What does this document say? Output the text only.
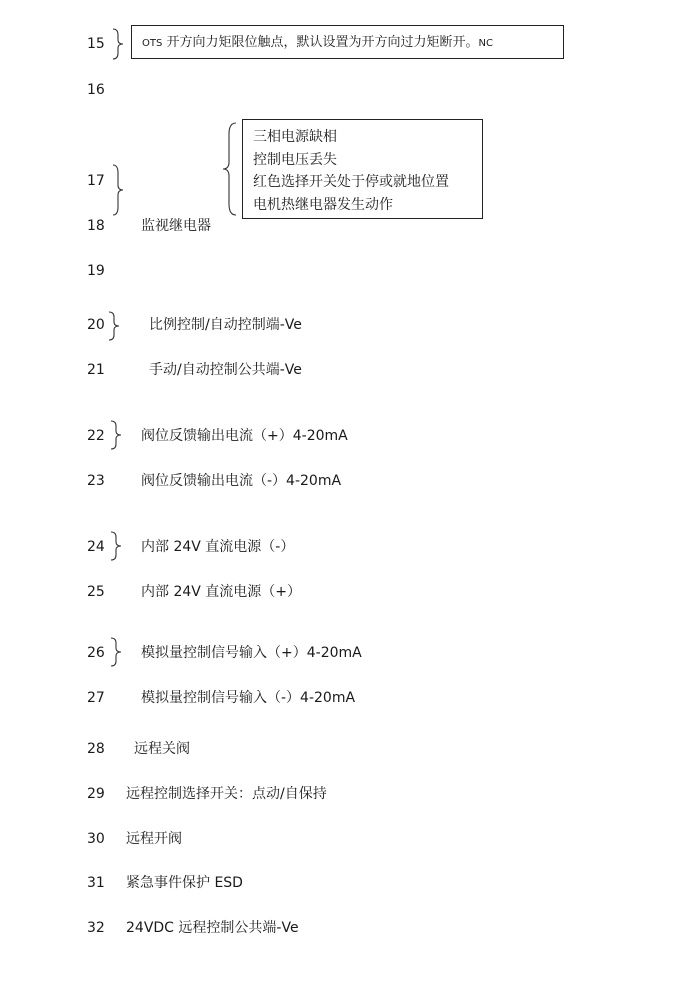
15	OTS 开方向力矩限位触点，默认设置为开方向过力矩断开。NC
16
三相电源缺相
控制电压丢失
红色选择开关处于停或就地位置
电机热继电器发生动作
17
18	监视继电器
19
20	比例控制/自动控制端-Ve
21	手动/自动控制公共端-Ve
22	阀位反馈输出电流（+）4-20mA
23	阀位反馈输出电流（-）4-20mA
24	内部 24V 直流电源（-）
25	内部 24V 直流电源（+）
26	模拟量控制信号输入（+）4-20mA
27	模拟量控制信号输入（-）4-20mA
28 远程关阀
29 远程控制选择开关：点动/自保持
30 远程开阀
31 紧急事件保护 ESD
32 24VDC 远程控制公共端-Ve
